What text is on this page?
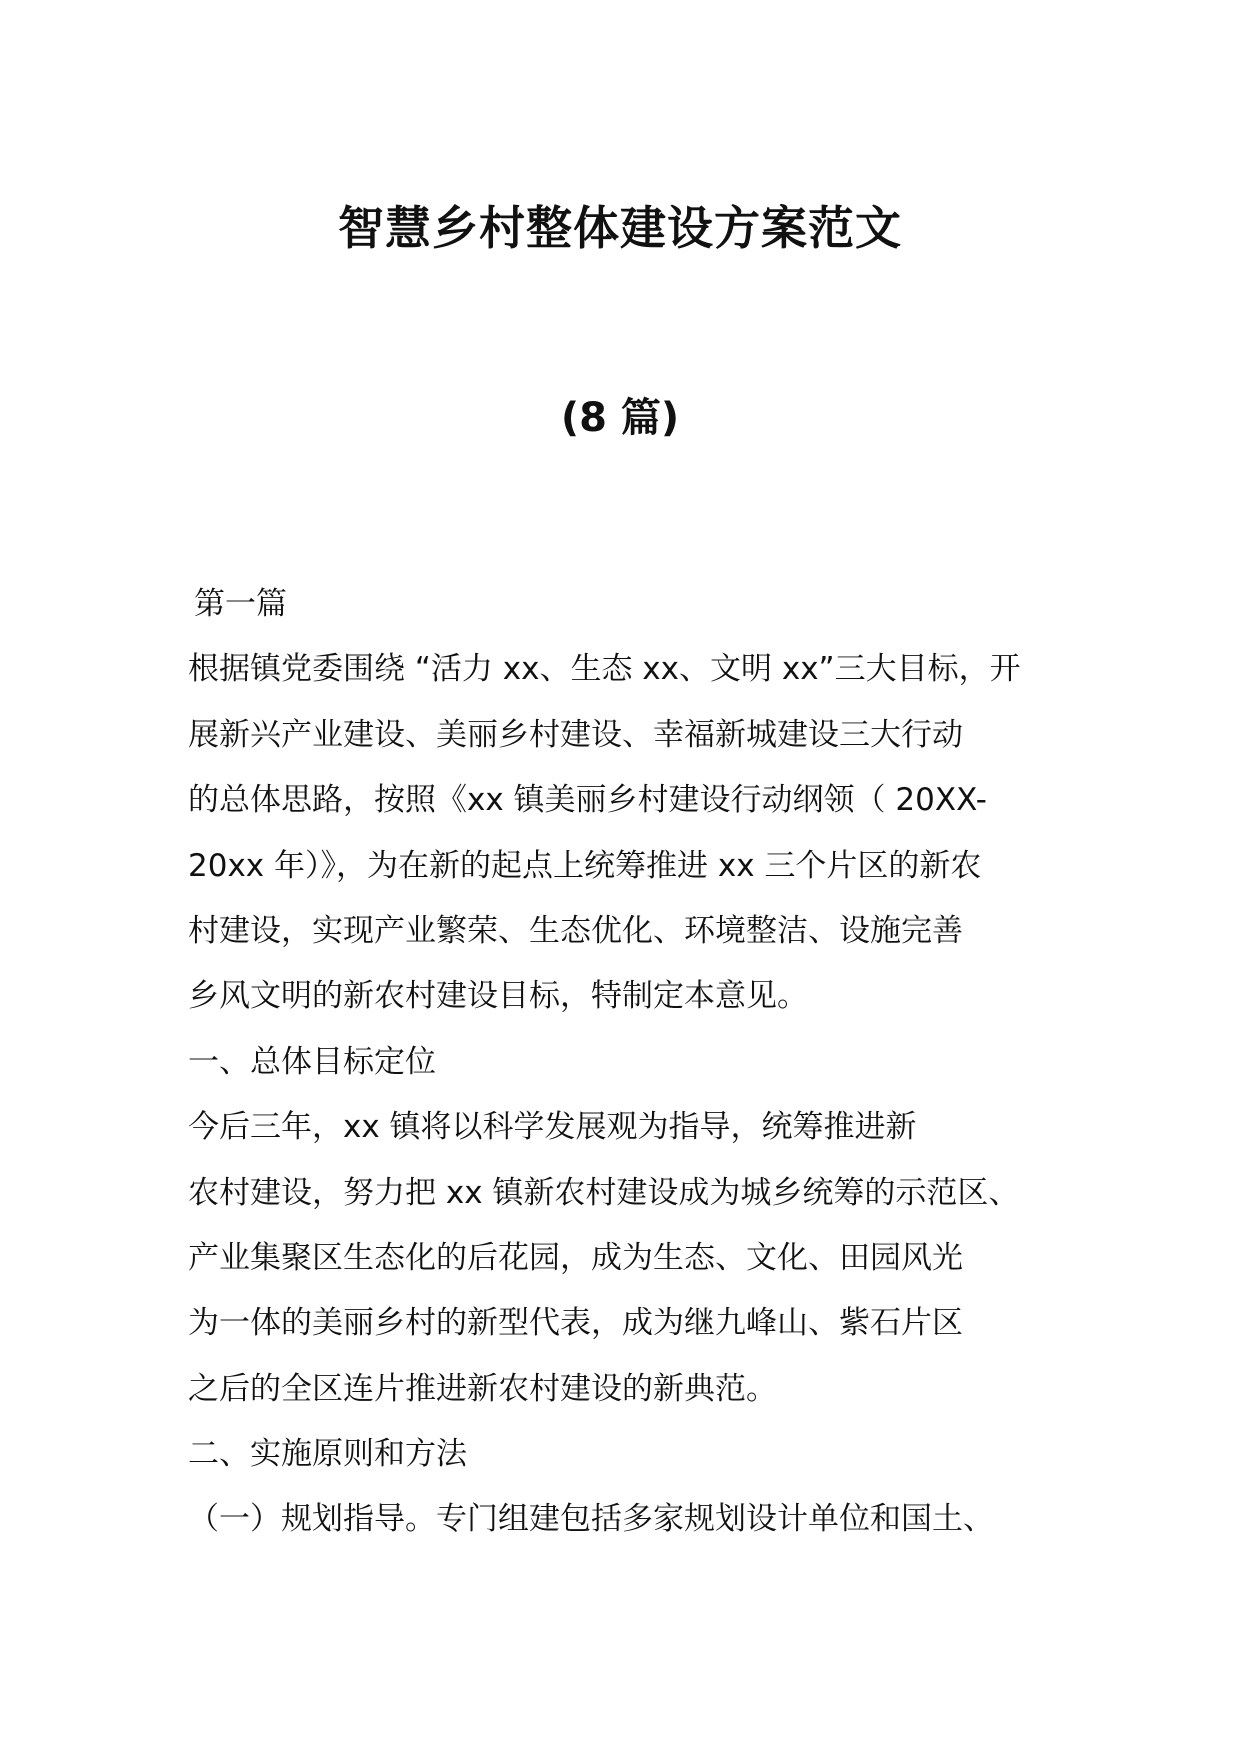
智慧乡村整体建设方案范文
(8 篇)
第一篇
根据镇党委围绕 “活力 xx、生态 xx、文明 xx”三大目标，开
展新兴产业建设、美丽乡村建设、幸福新城建设三大行动
的总体思路，按照《xx 镇美丽乡村建设行动纲领（ 20XX-
20xx 年）》，为在新的起点上统筹推进 xx 三个片区的新农
村建设，实现产业繁荣、生态优化、环境整洁、设施完善
乡风文明的新农村建设目标，特制定本意见。
一、总体目标定位
今后三年，xx 镇将以科学发展观为指导，统筹推进新
农村建设，努力把 xx 镇新农村建设成为城乡统筹的示范区、
产业集聚区生态化的后花园，成为生态、文化、田园风光
为一体的美丽乡村的新型代表，成为继九峰山、紫石片区
之后的全区连片推进新农村建设的新典范。
二、实施原则和方法
（一）规划指导。专门组建包括多家规划设计单位和国土、
